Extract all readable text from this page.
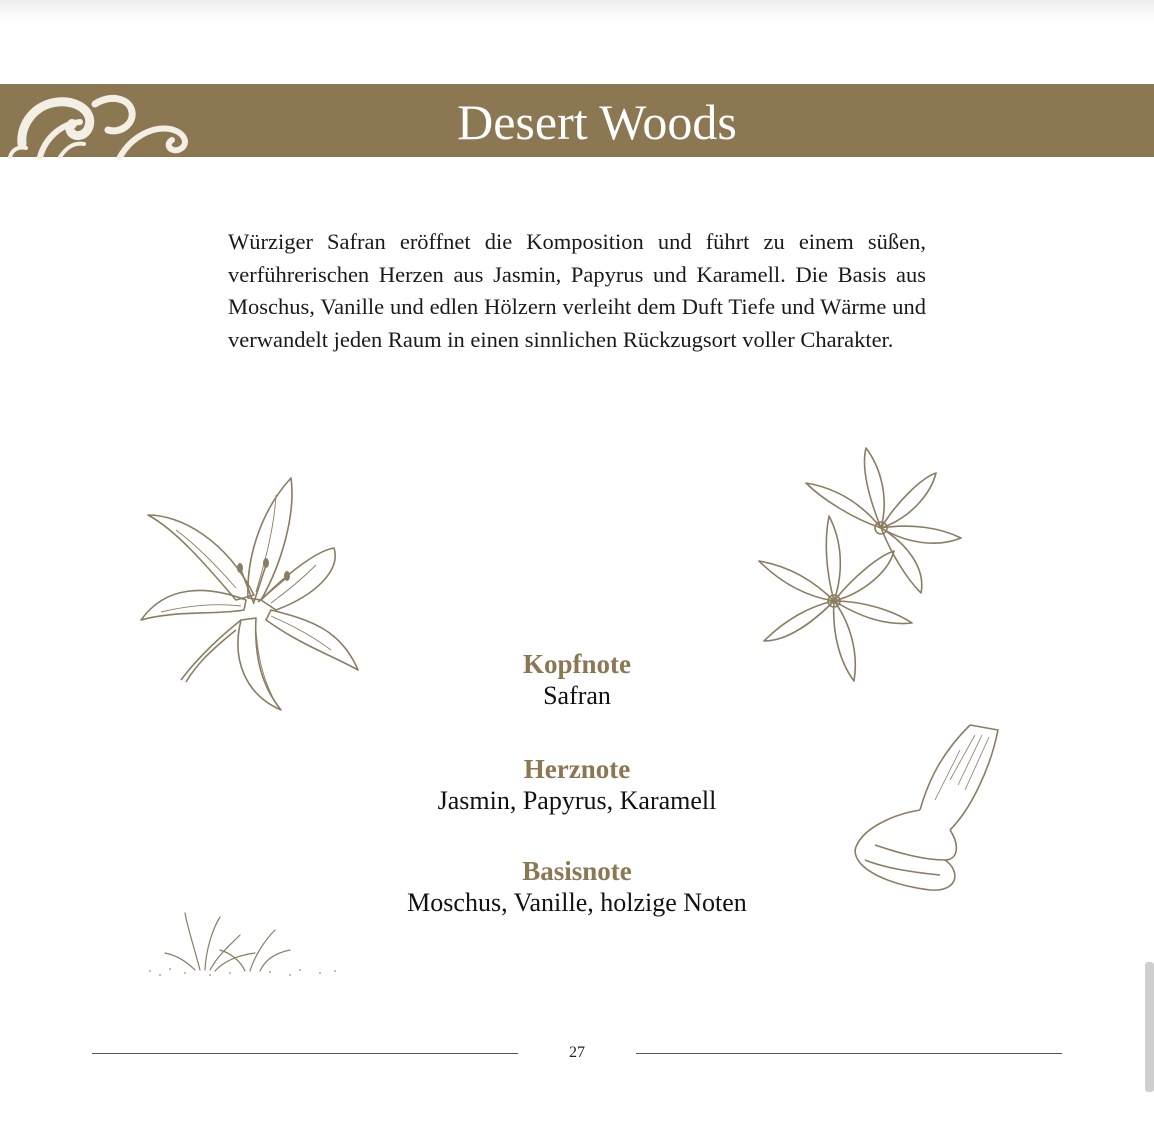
Desert Woods
Würziger Safran eröffnet die Komposition und führt zu einem süßen, verführerischen Herzen aus Jasmin, Papyrus und Karamell. Die Basis aus Moschus, Vanille und edlen Hölzern verleiht dem Duft Tiefe und Wärme und verwandelt jeden Raum in einen sinnlichen Rückzugsort voller Charakter.
Kopfnote
Safran
Herznote
Jasmin, Papyrus, Karamell
Basisnote
Moschus, Vanille, holzige Noten
27
